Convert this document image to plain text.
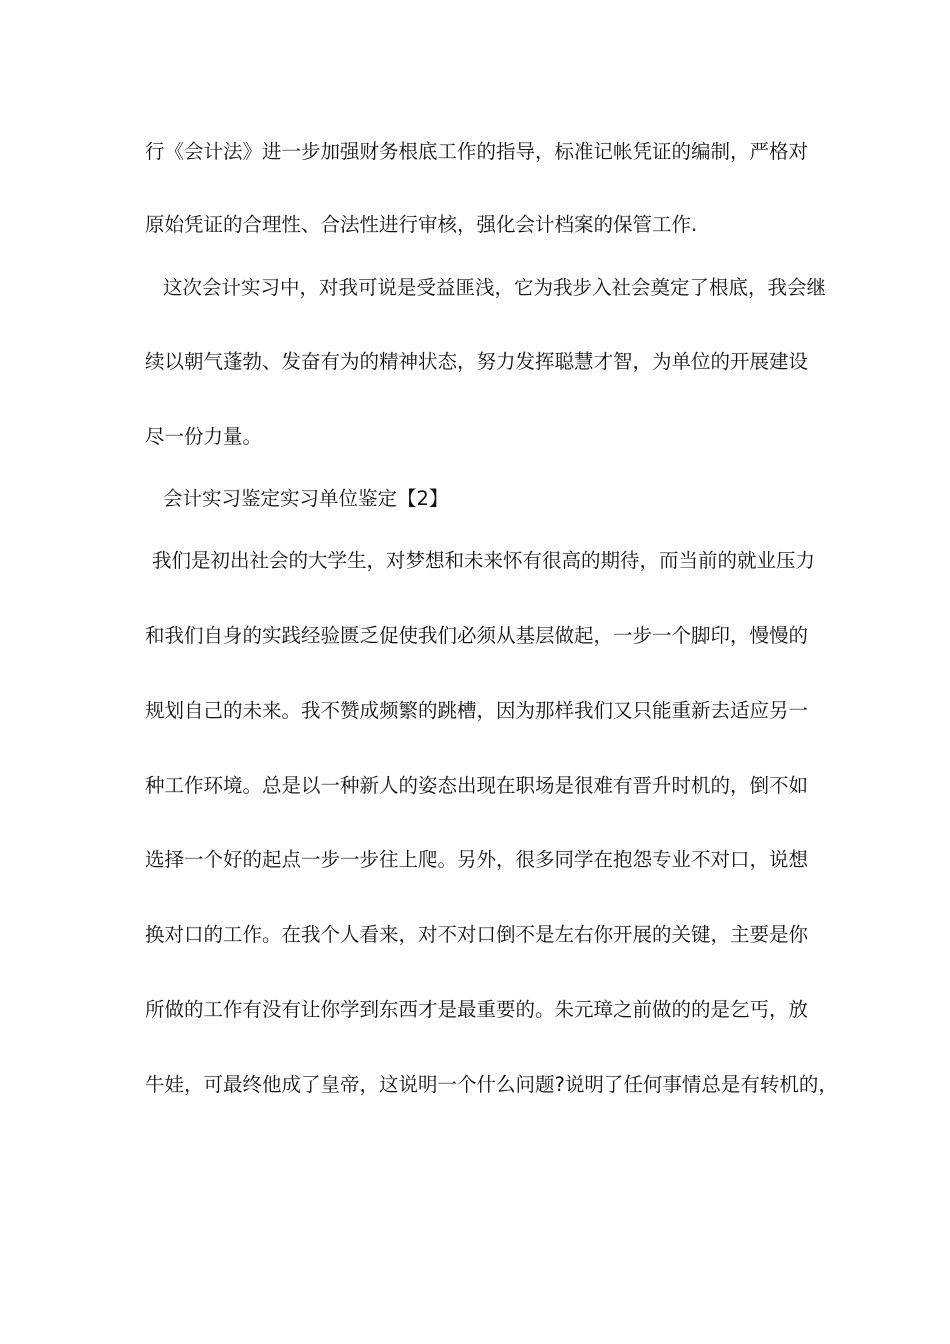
行《会计法》进一步加强财务根底工作的指导，标准记帐凭证的编制，严格对
原始凭证的合理性、合法性进行审核，强化会计档案的保管工作.
这次会计实习中，对我可说是受益匪浅，它为我步入社会奠定了根底，我会继
续以朝气蓬勃、发奋有为的精神状态，努力发挥聪慧才智，为单位的开展建设
尽一份力量。
会计实习鉴定实习单位鉴定【2】
我们是初出社会的大学生，对梦想和未来怀有很高的期待，而当前的就业压力
和我们自身的实践经验匮乏促使我们必须从基层做起，一步一个脚印，慢慢的
规划自己的未来。我不赞成频繁的跳槽，因为那样我们又只能重新去适应另一
种工作环境。总是以一种新人的姿态出现在职场是很难有晋升时机的，倒不如
选择一个好的起点一步一步往上爬。另外，很多同学在抱怨专业不对口，说想
换对口的工作。在我个人看来，对不对口倒不是左右你开展的关键，主要是你
所做的工作有没有让你学到东西才是最重要的。朱元璋之前做的的是乞丐，放
牛娃，可最终他成了皇帝，这说明一个什么问题?说明了任何事情总是有转机的，
